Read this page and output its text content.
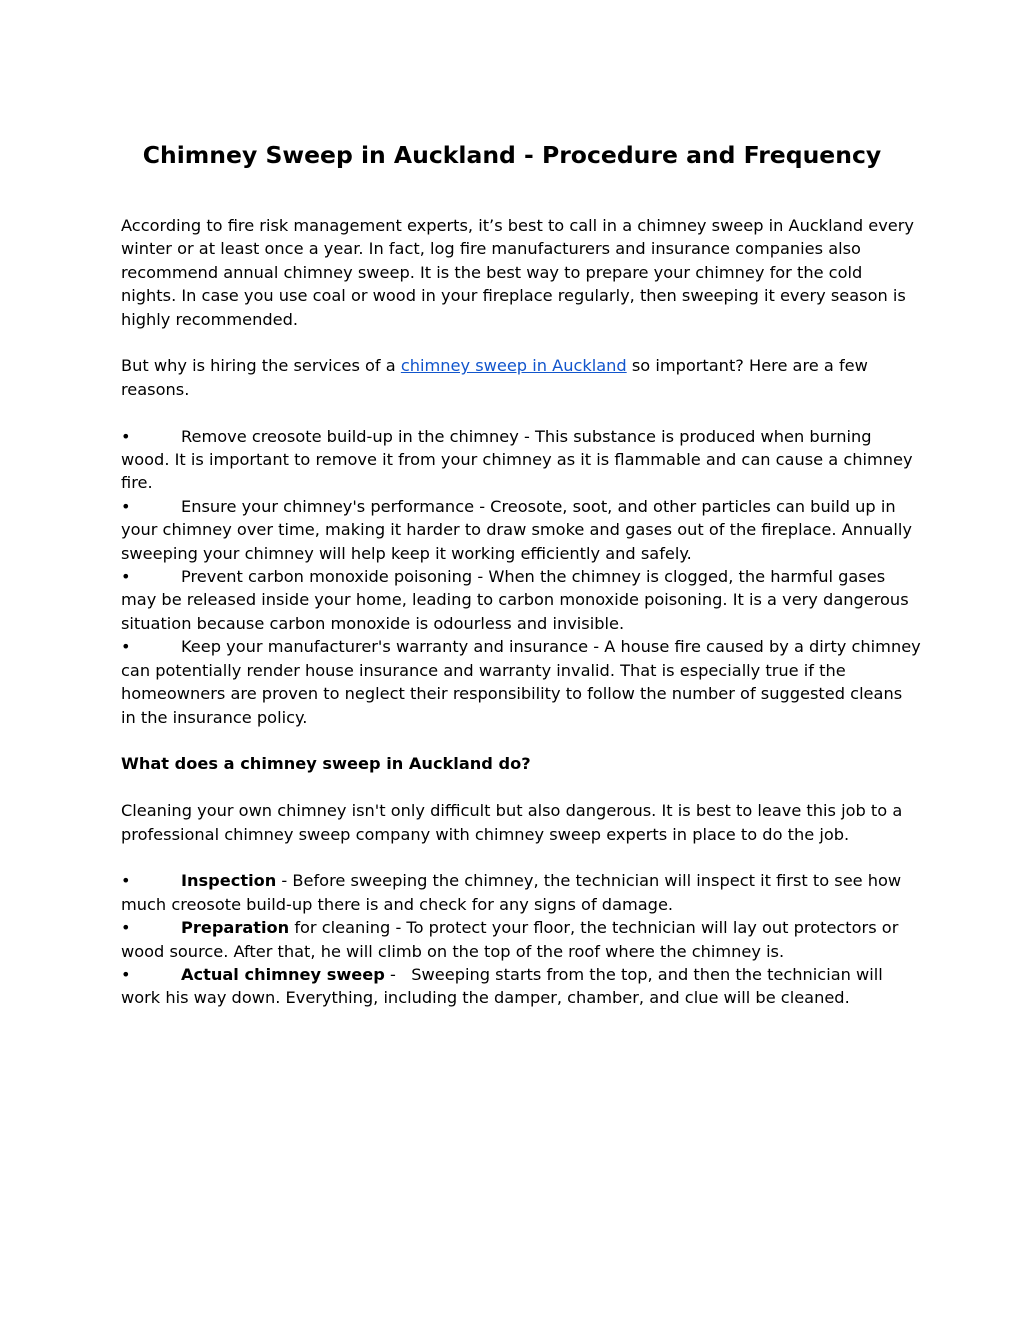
Chimney Sweep in Auckland - Procedure and Frequency

According to fire risk management experts, it’s best to call in a chimney sweep in Auckland every winter or at least once a year. In fact, log fire manufacturers and insurance companies also recommend annual chimney sweep. It is the best way to prepare your chimney for the cold nights. In case you use coal or wood in your fireplace regularly, then sweeping it every season is highly recommended.

But why is hiring the services of a chimney sweep in Auckland so important? Here are a few reasons.

•	Remove creosote build-up in the chimney - This substance is produced when burning wood. It is important to remove it from your chimney as it is flammable and can cause a chimney fire.

•	Ensure your chimney's performance - Creosote, soot, and other particles can build up in your chimney over time, making it harder to draw smoke and gases out of the fireplace. Annually sweeping your chimney will help keep it working efficiently and safely.

•	Prevent carbon monoxide poisoning - When the chimney is clogged, the harmful gases may be released inside your home, leading to carbon monoxide poisoning. It is a very dangerous situation because carbon monoxide is odourless and invisible.

•	Keep your manufacturer's warranty and insurance - A house fire caused by a dirty chimney can potentially render house insurance and warranty invalid. That is especially true if the homeowners are proven to neglect their responsibility to follow the number of suggested cleans in the insurance policy.

What does a chimney sweep in Auckland do?

Cleaning your own chimney isn't only difficult but also dangerous. It is best to leave this job to a professional chimney sweep company with chimney sweep experts in place to do the job.

•	Inspection - Before sweeping the chimney, the technician will inspect it first to see how much creosote build-up there is and check for any signs of damage.

•	Preparation for cleaning - To protect your floor, the technician will lay out protectors or wood source. After that, he will climb on the top of the roof where the chimney is.

•	Actual chimney sweep -   Sweeping starts from the top, and then the technician will work his way down. Everything, including the damper, chamber, and clue will be cleaned.
